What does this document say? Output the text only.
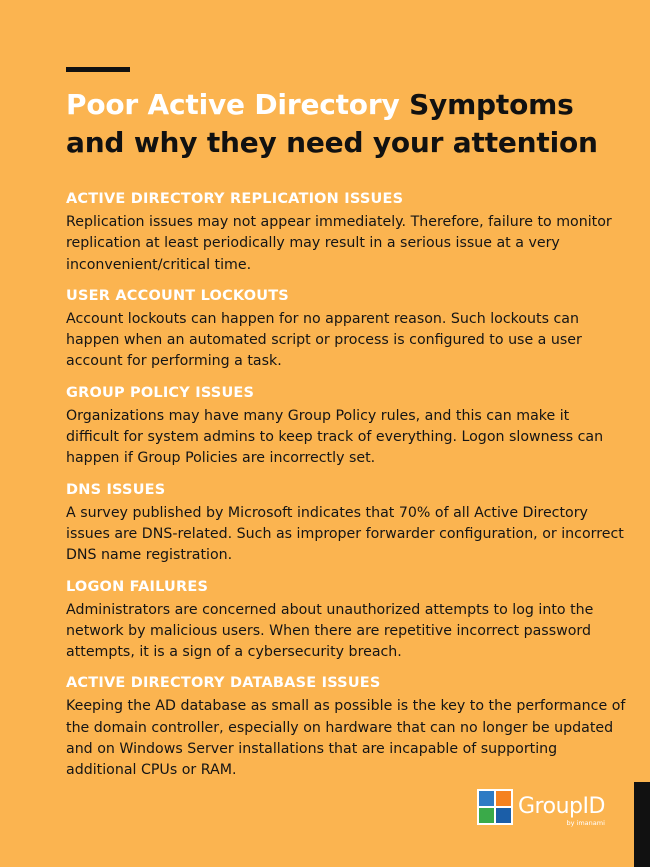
Poor Active Directory Symptoms and why they need your attention
ACTIVE DIRECTORY REPLICATION ISSUES

Replication issues may not appear immediately. Therefore, failure to monitor replication at least periodically may result in a serious issue at a very inconvenient/critical time.

USER ACCOUNT LOCKOUTS

Account lockouts can happen for no apparent reason. Such lockouts can happen when an automated script or process is configured to use a user account for performing a task.

GROUP POLICY ISSUES

Organizations may have many Group Policy rules, and this can make it difficult for system admins to keep track of everything. Logon slowness can happen if Group Policies are incorrectly set.

DNS ISSUES

A survey published by Microsoft indicates that 70% of all Active Directory issues are DNS-related. Such as improper forwarder configuration, or incorrect DNS name registration.

LOGON FAILURES

Administrators are concerned about unauthorized attempts to log into the network by malicious users. When there are repetitive incorrect password attempts, it is a sign of a cybersecurity breach.

ACTIVE DIRECTORY DATABASE ISSUES

Keeping the AD database as small as possible is the key to the performance of the domain controller, especially on hardware that can no longer be updated and on Windows Server installations that are incapable of supporting additional CPUs or RAM.

GroupID
by imanami
